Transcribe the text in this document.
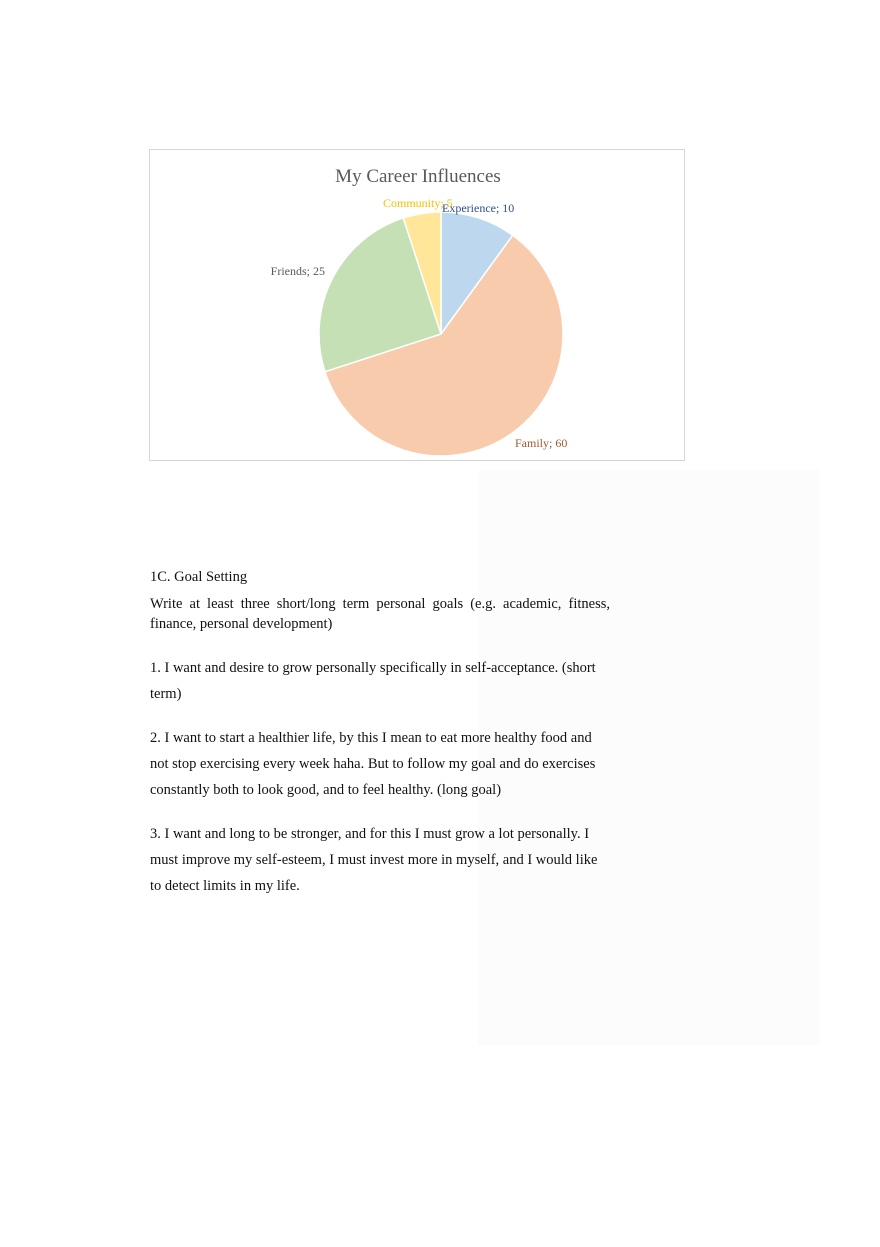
My Career Influences
Experience; 10
Family; 60
Friends; 25
Community; 5
1C. Goal Setting
Write at least three short/long term personal goals (e.g. academic, fitness, finance, personal development)
1. I want and desire to grow personally specifically in self-acceptance. (short term)
2. I want to start a healthier life, by this I mean to eat more healthy food and not stop exercising every week haha. But to follow my goal and do exercises constantly both to look good, and to feel healthy. (long goal)
3. I want and long to be stronger, and for this I must grow a lot personally. I must improve my self-esteem, I must invest more in myself, and I would like to detect limits in my life.
